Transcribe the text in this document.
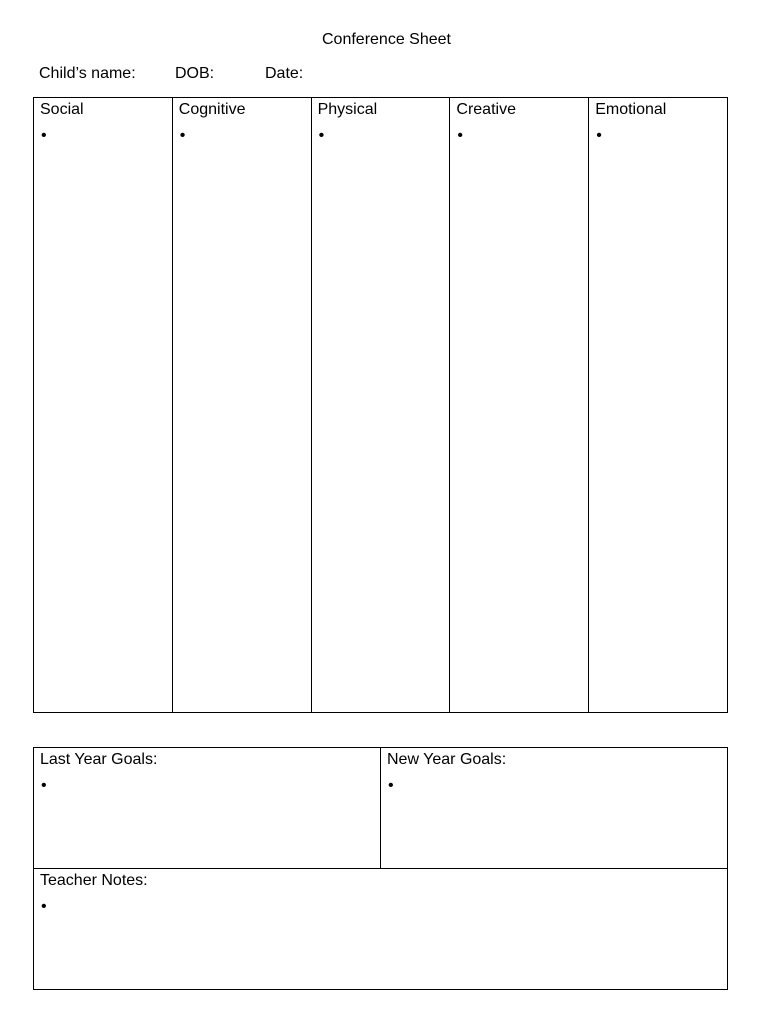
Conference Sheet
Child’s name: DOB:	Date:
Social
•

Cognitive
•

Physical
•

Creative
•

Emotional
•
Last Year Goals:
•

New Year Goals:
•

Teacher Notes:
•
